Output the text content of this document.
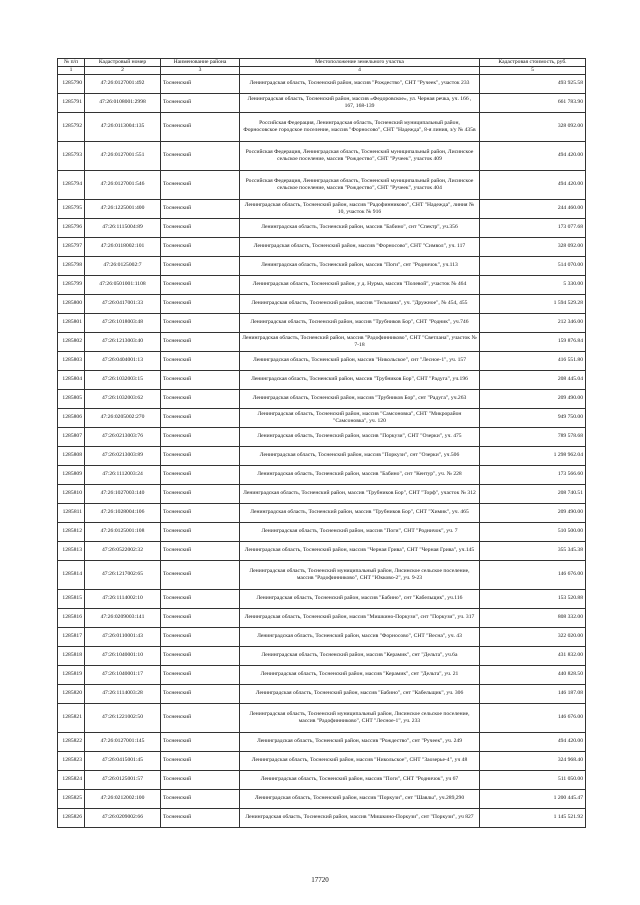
№ п/п	Кадастровый номер	Наименование района	Местоположение земельного участка	Кадастровая стоимость, руб.
1	2	3	4	5
1285790	47:26:0127001:492	Тосненский	Ленинградская область, Тосненский район, массив "Рождество", СНТ "Ручеек", участок 233	493 925.58
1285791	47:26:0108001:2998	Тосненский	Ленинградская область, Тосненский район, массив «Федоровское», ул. Черная речка, уч. 166 , 167, 168-139	661 783.90
1285792	47:26:0113004:135	Тосненский	Российская Федерация, Ленинградская область, Тосненский муниципальный район, Форносовское городское поселение, массив "Форносово", СНТ "Надежда", 8-я линия, з/у № 435в	328 092.00
1285793	47:26:0127001:551	Тосненский	Российская Федерация, Ленинградская область, Тосненский муниципальный район, Лисинское сельское поселение, массив "Рождество", СНТ "Ручеек", участок 409	494 420.00
1285794	47:26:0127001:546	Тосненский	Российская Федерация, Ленинградская область, Тосненский муниципальный район, Лисинское сельское поселение, массив "Рождество", СНТ "Ручеек", участок 404	494 420.00
1285795	47:26:1225001:400	Тосненский	Ленинградская область, Тосненский район, массив "Радофинниково", СНТ "Надежда", линия № 10, участок № 916	244 460.00
1285796	47:26:1115004:89	Тосненский	Ленинградская область, Тосненский район, массив "Бабино", снт "Спектр", уч.356	173 077.68
1285797	47:26:0118002:101	Тосненский	Ленинградская область, Тосненский район, массив "Форносово", СНТ "Символ", уч. 117	328 092.00
1285798	47:26:0125002:7	Тосненский	Ленинградская область, Тосненский район, массив "Поги", снт "Родничок", уч.113	514 070.00
1285799	47:26:0501001:1108	Тосненский	Ленинградская область, Тосненский район, у д. Нурма, массив "Полевой", участок № 464	5 330.00
1285800	47:26:0417001:33	Тосненский	Ленинградская область, Тосненский район, массив "Тельмана", уч. "Дружное", № 454, 455	1 594 529.28
1285801	47:26:1018003:48	Тосненский	Ленинградская область, Тосненский район, массив "Трубников Бор", СНТ "Родник", уч.746	212 346.00
1285802	47:26:1213003:40	Тосненский	Ленинградская область, Тосненский район, массив "Радофинниково", СНТ "Светлана", участок № 7-18	159 876.84
1285803	47:26:0404001:13	Тосненский	Ленинградская область, Тосненский район, массив "Никольское", снт "Лесное-1", уч. 157	416 551.80
1285804	47:26:1032003:15	Тосненский	Ленинградская область, Тосненский район, массив "Трубников Бор", СНТ "Радуга", уч.196	208 445.04
1285805	47:26:1032003:62	Тосненский	Ленинградская область, Тосненский район, массив "Трубников Бор", снт "Радуга", уч.263	209 490.00
1285806	47:26:0205002:270	Тосненский	Ленинградская область, Тосненский район, массив "Самсоновка", СНТ "Микрорайон "Самсоновка", уч. 120	949 750.00
1285807	47:26:0213003:76	Тосненский	Ленинградская область, Тосненский район, массив "Поркузи", СНТ "Озерки", уч. 475	789 578.68
1285808	47:26:0213003:89	Тосненский	Ленинградская область, Тосненский район, массив "Поркузи", снт "Озерки", уч.506	1 298 962.04
1285809	47:26:1112003:24	Тосненский	Ленинградская область, Тосненский район, массив "Бабино", снт "Кентур", уч. № 228	173 566.60
1285810	47:26:1027003:140	Тосненский	Ленинградская область, Тосненский район, массив "Трубников Бор", СНТ "Торф", участок № 312	208 740.51
1285811	47:26:1028004:106	Тосненский	Ленинградская область, Тосненский район, массив "Трубников Бор", СНТ "Химик", уч. 465	209 490.00
1285812	47:26:0125001:108	Тосненский	Ленинградская область, Тосненский район, массив "Поги", СНТ "Родничок", уч. 7	510 500.00
1285813	47:26:0522002:32	Тосненский	Ленинградская область, Тосненский район, массив "Черная Грива", СНТ "Черная Грива", уч.145	355 345.38
1285814	47:26:1217002:65	Тосненский	Ленинградская область, Тосненский муниципальный район, Лисинское сельское поселение, массив "Радофинниково", СНТ "Юкково-2", уч. 9-23	146 676.00
1285815	47:26:1114002:10	Тосненский	Ленинградская область, Тосненский район, массив "Бабино", снт "Кабельщик", уч.116	153 520.88
1285816	47:26:0209003:141	Тосненский	Ленинградская область, Тосненский район, массив "Мишкино-Поркузи", снт "Поркузи", уч. 317	808 332.00
1285817	47:26:0110001:43	Тосненский	Ленинградская область, Тосненский район, массив "Форносово", СНТ "Весна", уч. 43	322 020.00
1285818	47:26:1040001:10	Тосненский	Ленинградская область, Тосненский район, массив "Керамик", снт "Дельта", уч.6а	431 832.00
1285819	47:26:1040001:17	Тосненский	Ленинградская область, Тосненский район, массив "Керамик", снт "Дельта", уч. 21	440 828.50
1285820	47:26:1114003:28	Тосненский	Ленинградская область, Тосненский район, массив "Бабино", снт "Кабельщик", уч. 306	146 187.08
1285821	47:26:1221002:50	Тосненский	Ленинградская область, Тосненский муниципальный район, Лисинское сельское поселение, массив "Радофинниково", СНТ "Лесное-1", уч. 233	146 676.00
1285822	47:26:0127001:145	Тосненский	Ленинградская область, Тосненский район, массив "Рождество", снт "Ручеек", уч. 249	494 420.00
1285823	47:26:0415001:45	Тосненский	Ленинградская область, Тосненский район, массив "Никольское", СНТ "Заозерье-4", уч 48	324 968.40
1285824	47:26:0125001:57	Тосненский	Ленинградская область, Тосненский район, массив "Поги", СНТ "Родничок", уч 67	511 050.00
1285825	47:26:0212002:100	Тосненский	Ленинградская область, Тосненский район, массив "Поркузи", снт "Шавлы", уч.289,290	1 200 445.47
1285826	47:26:0209002:66	Тосненский	Ленинградская область, Тосненский район, массив "Мишкино-Поркузи", снт "Поркузи", уч 827	1 145 521.92
17720
